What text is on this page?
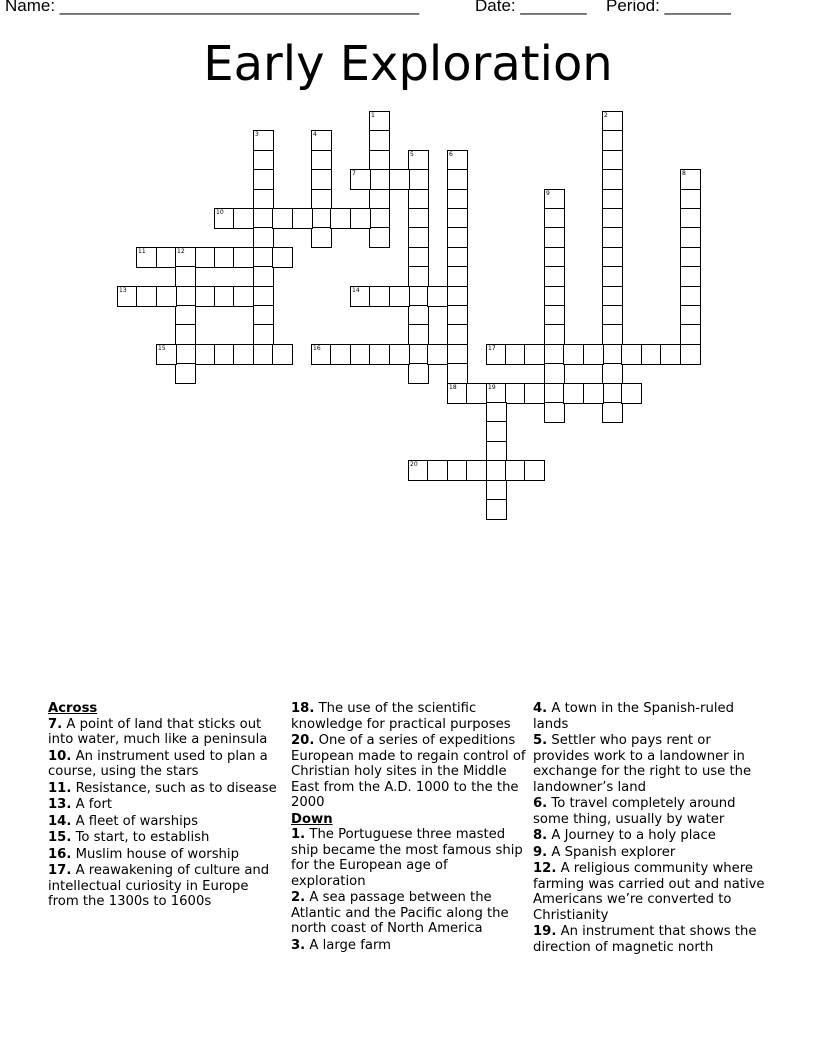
Name: ______________________________________	Date: _______ Period: _______
Early Exploration
1	2
3	4
5	6
18
7	8
9
10
11	12
13	14
15	16	17
19
20
Across
7. A point of land that sticks out into water, much like a peninsula
10. An instrument used to plan a course, using the stars
11. Resistance, such as to disease
13. A fort
14. A fleet of warships
15. To start, to establish
16. Muslim house of worship
17. A reawakening of culture and intellectual curiosity in Europe from the 1300s to 1600s
18. The use of the scientific knowledge for practical purposes
20. One of a series of expeditions European made to regain control of Christian holy sites in the Middle East from the A.D. 1000 to the the 2000
Down
1. The Portuguese three masted ship became the most famous ship for the European age of exploration
2. A sea passage between the Atlantic and the Pacific along the north coast of North America
3. A large farm
4. A town in the Spanish-ruled lands
5. Settler who pays rent or provides work to a landowner in exchange for the right to use the landowner’s land
6. To travel completely around some thing, usually by water
8. A Journey to a holy place
9. A Spanish explorer
12. A religious community where farming was carried out and native Americans we’re converted to Christianity
19. An instrument that shows the direction of magnetic north
